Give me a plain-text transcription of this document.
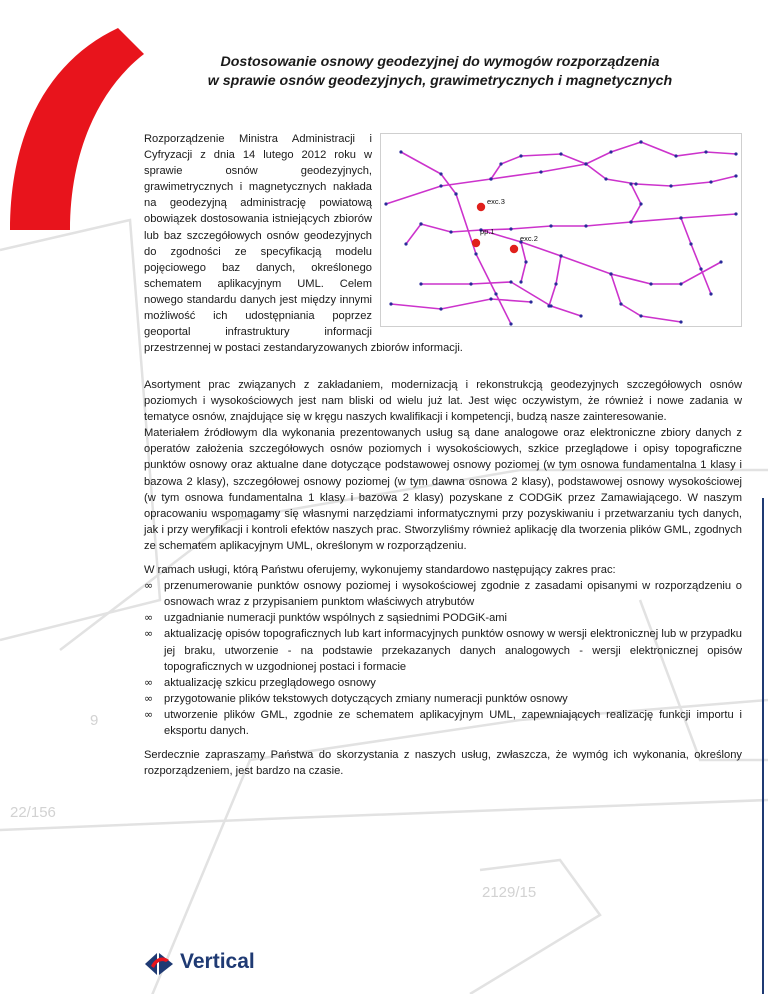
22/156
2129/15
9
Dostosowanie osnowy geodezyjnej do wymogów rozporządzenia
w sprawie osnów geodezyjnych, grawimetrycznych i magnetycznych
exc.3
pp.1
exc.2
Rozporządzenie Ministra Administracji i Cyfryzacji z dnia 14 lutego 2012 roku w sprawie osnów geodezyjnych, grawimetrycznych i magnetycznych nakłada na geodezyjną administrację powiatową obowiązek dostosowania istniejących zbiorów lub baz szczegółowych osnów geodezyjnych do zgodności ze specyfikacją modelu pojęciowego baz danych, określonego schematem aplikacyjnym UML. Celem nowego standardu danych jest między innymi możliwość ich udostępniania poprzez geoportal infrastruktury informacji przestrzennej w postaci zestandaryzowanych zbiorów informacji.

Asortyment prac związanych z zakładaniem, modernizacją i rekonstrukcją geodezyjnych szczegółowych osnów poziomych i wysokościowych jest nam bliski od wielu już lat. Jest więc oczywistym, że również i nowe zadania w tematyce osnów, znajdujące się w kręgu naszych kwalifikacji i kompetencji, budzą nasze zainteresowanie.

Materiałem źródłowym dla wykonania prezentowanych usług są dane analogowe oraz elektroniczne zbiory danych z operatów założenia szczegółowych osnów poziomych i wysokościowych, szkice przeglądowe i opisy topograficzne punktów osnowy oraz aktualne dane dotyczące podstawowej osnowy poziomej (w tym osnowa fundamentalna 1 klasy i bazowa 2 klasy), szczegółowej osnowy poziomej (w tym dawna osnowa 2 klasy), podstawowej osnowy wysokościowej (w tym osnowa fundamentalna 1 klasy i bazowa 2 klasy) pozyskane z CODGiK przez Zamawiającego. W naszym opracowaniu wspomagamy się własnymi narzędziami informatycznymi przy pozyskiwaniu i przetwarzaniu tych danych, jak i przy weryfikacji i kontroli efektów naszych prac. Stworzyliśmy również aplikację dla tworzenia plików GML, zgodnych ze schematem aplikacyjnym UML, określonym w rozporządzeniu.

W ramach usługi, którą Państwu oferujemy, wykonujemy standardowo następujący zakres prac:

∞ przenumerowanie punktów osnowy poziomej i wysokościowej zgodnie z zasadami opisanymi w rozporządzeniu o osnowach wraz z przypisaniem punktom właściwych atrybutów
∞ uzgadnianie numeracji punktów wspólnych z sąsiednimi PODGiK-ami
∞ aktualizację opisów topograficznych lub kart informacyjnych punktów osnowy w wersji elektronicznej lub w przypadku jej braku, utworzenie - na podstawie przekazanych danych analogowych - wersji elektronicznej opisów topograficznych w uzgodnionej postaci i formacie
∞ aktualizację szkicu przeglądowego osnowy
∞ przygotowanie plików tekstowych dotyczących zmiany numeracji punktów osnowy
∞ utworzenie plików GML, zgodnie ze schematem aplikacyjnym UML, zapewniających realizację funkcji importu i eksportu danych.

Serdecznie zapraszamy Państwa do skorzystania z naszych usług, zwłaszcza, że wymóg ich wykonania, określony rozporządzeniem, jest bardzo na czasie.

Vertical
